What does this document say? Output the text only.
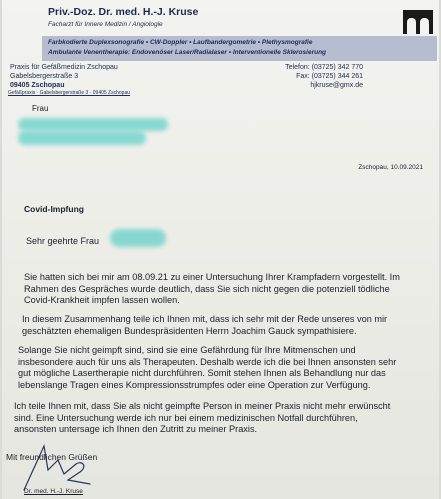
Priv.-Doz. Dr. med. H.-J. Kruse
Facharzt für Innere Medizin / Angiologie
Farbkodierte Duplexsonografie • CW-Doppler • Laufbandergometrie • Plethysmografie
Ambulante Venentherapie: Endovenöser Laser/Radialaser • Interventionelle Sklerosierung
Praxis für Gefäßmedizin Zschopau
Gabelsbergerstraße 3
09405 Zschopau
Telefon: (03725) 342 770
Fax: (03725) 344 261
hjkruse@gmx.de
Gefäßpraxis · Gabelsbergerstraße 3 · 09405 Zschopau
Frau
Zschopau, 10.09.2021
Covid-Impfung
Sehr geehrte Frau
Sie hatten sich bei mir am 08.09.21 zu einer Untersuchung Ihrer Krampfadern vorgestellt. Im
Rahmen des Gespräches wurde deutlich, dass Sie sich nicht gegen die potenziell tödliche
Covid-Krankheit impfen lassen wollen.
In diesem Zusammenhang teile ich Ihnen mit, dass ich sehr mit der Rede unseres von mir
geschätzten ehemaligen Bundespräsidenten Herrn Joachim Gauck sympathisiere.
Solange Sie nicht geimpft sind, sind sie eine Gefährdung für Ihre Mitmenschen und
insbesondere auch für uns als Therapeuten. Deshalb werde ich die bei Ihnen ansonsten sehr
gut mögliche Lasertherapie nicht durchführen. Somit stehen Ihnen als Behandlung nur das
lebenslange Tragen eines Kompressionsstrumpfes oder eine Operation zur Verfügung.
Ich teile Ihnen mit, dass Sie als nicht geimpfte Person in meiner Praxis nicht mehr erwünscht
sind. Eine Untersuchung werde ich nur bei einem medizinischen Notfall durchführen,
ansonsten untersage ich Ihnen den Zutritt zu meiner Praxis.
Mit freundlichen Grüßen
Dr. med. H.-J. Kruse
